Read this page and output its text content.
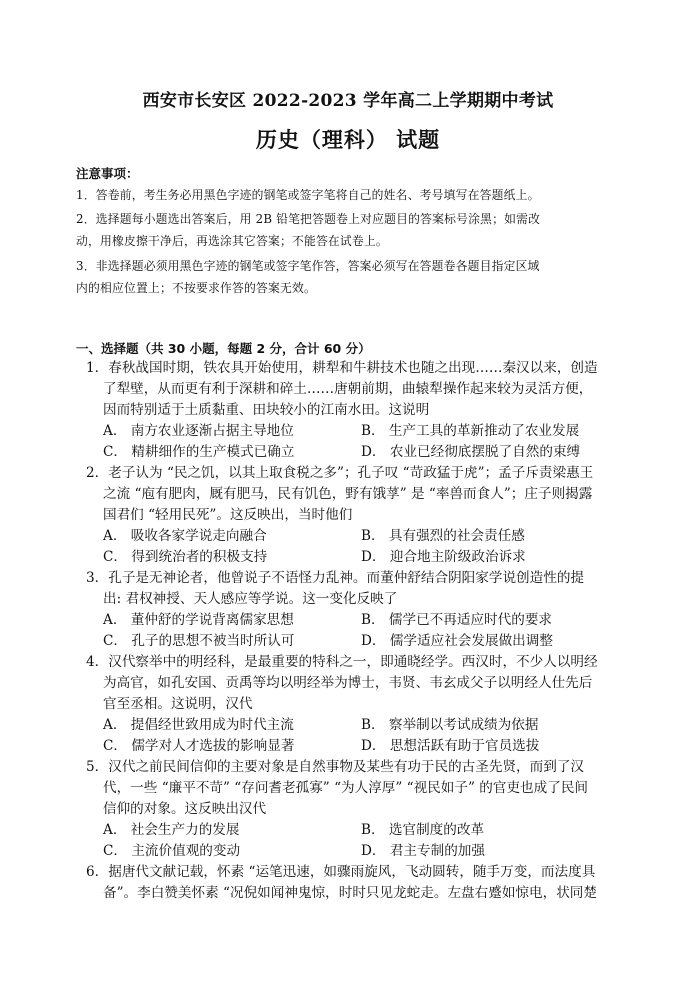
西安市长安区 2022-2023 学年高二上学期期中考试
历史（理科） 试题
注意事项：
1．答卷前，考生务必用黑色字迹的钢笔或签字笔将自己的姓名、考号填写在答题纸上。
2．选择题每小题选出答案后，用 2B 铅笔把答题卷上对应题目的答案标号涂黑；如需改
动，用橡皮擦干净后，再选涂其它答案；不能答在试卷上。
3．非选择题必须用黑色字迹的钢笔或签字笔作答，答案必须写在答题卷各题目指定区域
内的相应位置上；不按要求作答的答案无效。
一、选择题（共 30 小题，每题 2 分，合计 60 分）
1．春秋战国时期，铁农具开始使用，耕犁和牛耕技术也随之出现……秦汉以来，创造
了犁壁，从而更有利于深耕和碎土……唐朝前期，曲辕犁操作起来较为灵活方便，
因而特别适于土质黏重、田块较小的江南水田。这说明
A． 南方农业逐渐占据主导地位	B． 生产工具的革新推动了农业发展
C． 精耕细作的生产模式已确立	D． 农业已经彻底摆脱了自然的束缚
2．老子认为 “民之饥，以其上取食税之多”；孔子叹 “苛政猛于虎”；孟子斥责梁惠王
之流 “庖有肥肉，厩有肥马，民有饥色，野有饿莩” 是 “率兽而食人”；庄子则揭露
国君们 “轻用民死”。这反映出，当时他们
A． 吸收各家学说走向融合	B． 具有强烈的社会责任感
C． 得到统治者的积极支持	D． 迎合地主阶级政治诉求
3．孔子是无神论者，他曾说子不语怪力乱神。而董仲舒结合阴阳家学说创造性的提
出: 君权神授、天人感应等学说。这一变化反映了
A． 董仲舒的学说背离儒家思想	B． 儒学已不再适应时代的要求
C． 孔子的思想不被当时所认可	D． 儒学适应社会发展做出调整
4．汉代察举中的明经科，是最重要的特科之一，即通晓经学。西汉时，不少人以明经
为高官，如孔安国、贡禹等均以明经举为博士，韦贤、韦玄成父子以明经人仕先后
官至丞相。这说明，汉代
A． 提倡经世致用成为时代主流	B． 察举制以考试成绩为依据
C． 儒学对人才选拔的影响显著	D． 思想活跃有助于官员选拔
5．汉代之前民间信仰的主要对象是自然事物及某些有功于民的古圣先贤，而到了汉
代，一些 “廉平不苛” “存问耆老孤寡” “为人淳厚” “视民如子” 的官吏也成了民间
信仰的对象。这反映出汉代
A． 社会生产力的发展	B． 选官制度的改革
C． 主流价值观的变动	D． 君主专制的加强
6．据唐代文献记载，怀素 “运笔迅速，如骤雨旋风，飞动圆转，随手万变，而法度具
备”。李白赞美怀素 “况倪如闻神鬼惊，时时只见龙蛇走。左盘右蹙如惊电，状同楚
